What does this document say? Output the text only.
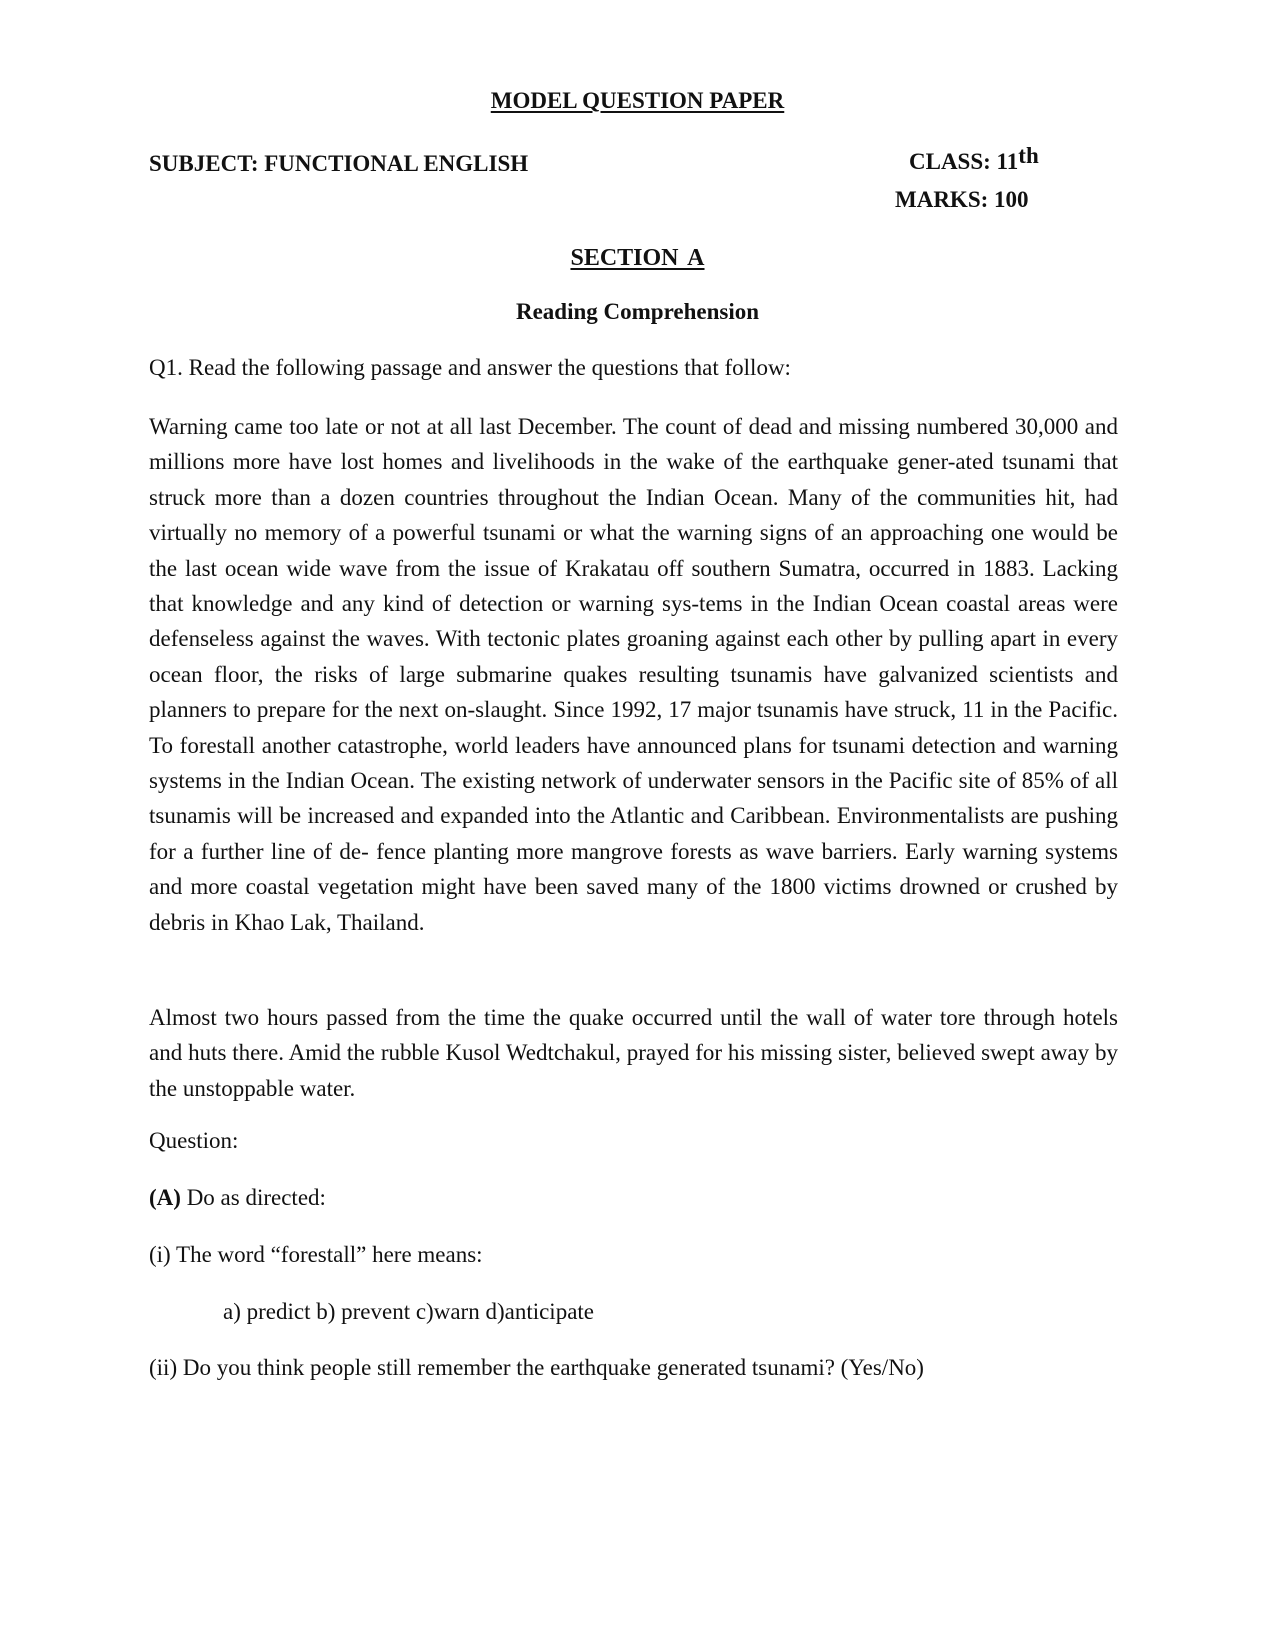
MODEL QUESTION PAPER
SUBJECT: FUNCTIONAL ENGLISH	CLASS: 11th
MARKS: 100
SECTION A
Reading Comprehension
Q1. Read the following passage and answer the questions that follow:

Warning came too late or not at all last December. The count of dead and missing numbered 30,000 and millions more have lost homes and livelihoods in the wake of the earthquake gener-ated tsunami that struck more than a dozen countries throughout the Indian Ocean. Many of the communities hit, had virtually no memory of a powerful tsunami or what the warning signs of an approaching one would be the last ocean wide wave from the issue of Krakatau off southern Sumatra, occurred in 1883. Lacking that knowledge and any kind of detection or warning sys-tems in the Indian Ocean coastal areas were defenseless against the waves. With tectonic plates groaning against each other by pulling apart in every ocean floor, the risks of large submarine quakes resulting tsunamis have galvanized scientists and planners to prepare for the next on-slaught. Since 1992, 17 major tsunamis have struck, 11 in the Pacific. To forestall another catastrophe, world leaders have announced plans for tsunami detection and warning systems in the Indian Ocean. The existing network of underwater sensors in the Pacific site of 85% of all tsunamis will be increased and expanded into the Atlantic and Caribbean. Environmentalists are pushing for a further line of de- fence planting more mangrove forests as wave barriers. Early warning systems and more coastal vegetation might have been saved many of the 1800 victims drowned or crushed by debris in Khao Lak, Thailand.

Almost two hours passed from the time the quake occurred until the wall of water tore through hotels and huts there. Amid the rubble Kusol Wedtchakul, prayed for his missing sister, believed swept away by the unstoppable water.

Question:
(A) Do as directed:
(i) The word “forestall” here means:
a) predict b) prevent c)warn d)anticipate
(ii) Do you think people still remember the earthquake generated tsunami? (Yes/No)
